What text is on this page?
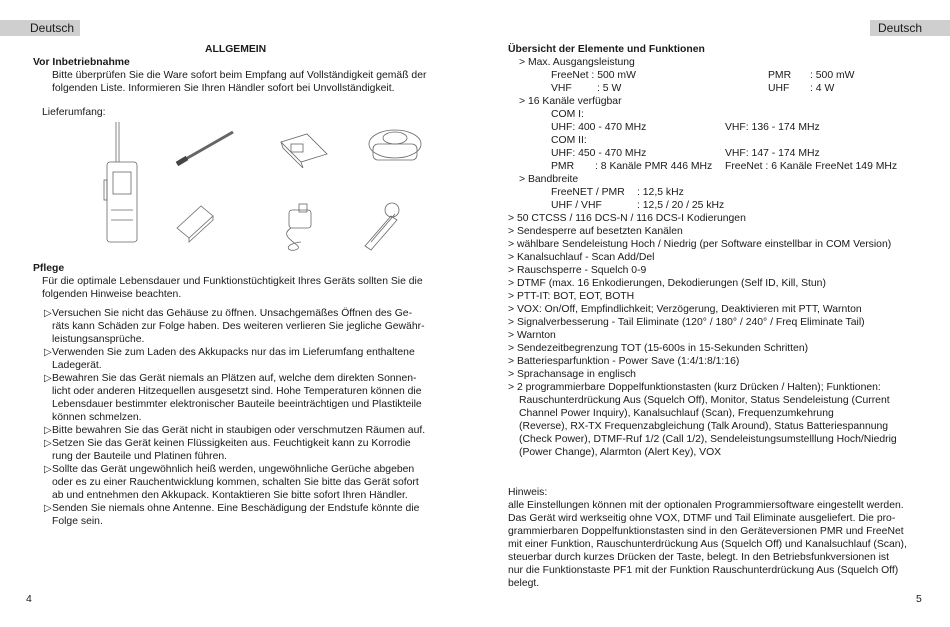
Deutsch	Deutsch
ALLGEMEIN
Vor Inbetriebnahme
Bitte überprüfen Sie die Ware sofort beim Empfang auf Vollständigkeit gemäß der
folgenden Liste. Informieren Sie Ihren Händler sofort bei Unvollständigkeit.
Lieferumfang:
Pflege
Für die optimale Lebensdauer und Funktionstüchtigkeit Ihres Geräts sollten Sie die
folgenden Hinweise beachten.
▷ Versuchen Sie nicht das Gehäuse zu öffnen. Unsachgemäßes Öffnen des Ge-
räts kann Schäden zur Folge haben. Des weiteren verlieren Sie jegliche Gewähr-
leistungsansprüche.
▷ Verwenden Sie zum Laden des Akkupacks nur das im Lieferumfang enthaltene
Ladegerät.
▷ Bewahren Sie das Gerät niemals an Plätzen auf, welche dem direkten Sonnen-
licht oder anderen Hitzequellen ausgesetzt sind. Hohe Temperaturen können die
Lebensdauer bestimmter elektronischer Bauteile beeinträchtigen und Plastikteile
können schmelzen.
▷ Bitte bewahren Sie das Gerät nicht in staubigen oder verschmutzen Räumen auf.
▷ Setzen Sie das Gerät keinen Flüssigkeiten aus. Feuchtigkeit kann zu Korrodie
rung der Bauteile und Platinen führen.
▷ Sollte das Gerät ungewöhnlich heiß werden, ungewöhnliche Gerüche abgeben
oder es zu einer Rauchentwicklung kommen, schalten Sie bitte das Gerät sofort
ab und entnehmen den Akkupack. Kontaktieren Sie bitte sofort Ihren Händler.
▷ Senden Sie niemals ohne Antenne. Eine Beschädigung der Endstufe könnte die
Folge sein.
4
Übersicht der Elemente und Funktionen
> Max. Ausgangsleistung
FreeNet : 500 mW	PMR : 500 mW
VHF : 5 W	UHF : 4 W
> 16 Kanäle verfügbar
COM I:
UHF: 400 - 470 MHz	VHF: 136 - 174 MHz
COM II:
UHF: 450 - 470 MHz	VHF: 147 - 174 MHz
PMR : 8 Kanäle PMR 446 MHz FreeNet : 6 Kanäle FreeNet 149 MHz
> Bandbreite
FreeNET / PMR : 12,5 kHz
UHF / VHF	: 12,5 / 20 / 25 kHz
> 50 CTCSS / 116 DCS-N / 116 DCS-I Kodierungen
> Sendesperre auf besetzten Kanälen
> wählbare Sendeleistung Hoch / Niedrig (per Software einstellbar in COM Version)
> Kanalsuchlauf - Scan Add/Del
> Rauschsperre - Squelch 0-9
> DTMF (max. 16 Enkodierungen, Dekodierungen (Self ID, Kill, Stun)
> PTT-IT: BOT, EOT, BOTH
> VOX: On/Off, Empfindlichkeit; Verzögerung, Deaktivieren mit PTT, Warnton
> Signalverbesserung - Tail Eliminate (120° / 180° / 240° / Freq Eliminate Tail)
> Warnton
> Sendezeitbegrenzung TOT (15-600s in 15-Sekunden Schritten)
> Batteriesparfunktion - Power Save (1:4/1:8/1:16)
> Sprachansage in englisch
> 2 programmierbare Doppelfunktionstasten (kurz Drücken / Halten); Funktionen:
Rauschunterdrückung Aus (Squelch Off), Monitor, Status Sendeleistung (Current
Channel Power Inquiry), Kanalsuchlauf (Scan), Frequenzumkehrung
(Reverse), RX-TX Frequenzabgleichung (Talk Around), Status Batteriespannung
(Check Power), DTMF-Ruf 1/2 (Call 1/2), Sendeleistungsumstelllung Hoch/Niedrig
(Power Change), Alarmton (Alert Key), VOX
Hinweis:
alle Einstellungen können mit der optionalen Programmiersoftware eingestellt werden.
Das Gerät wird werkseitig ohne VOX, DTMF und Tail Eliminate ausgeliefert. Die pro-
grammierbaren Doppelfunktionstasten sind in den Geräteversionen PMR und FreeNet
mit einer Funktion, Rauschunterdrückung Aus (Squelch Off) und Kanalsuchlauf (Scan),
steuerbar durch kurzes Drücken der Taste, belegt. In den Betriebsfunkversionen ist
nur die Funktionstaste PF1 mit der Funktion Rauschunterdrückung Aus (Squelch Off)
belegt.
5
